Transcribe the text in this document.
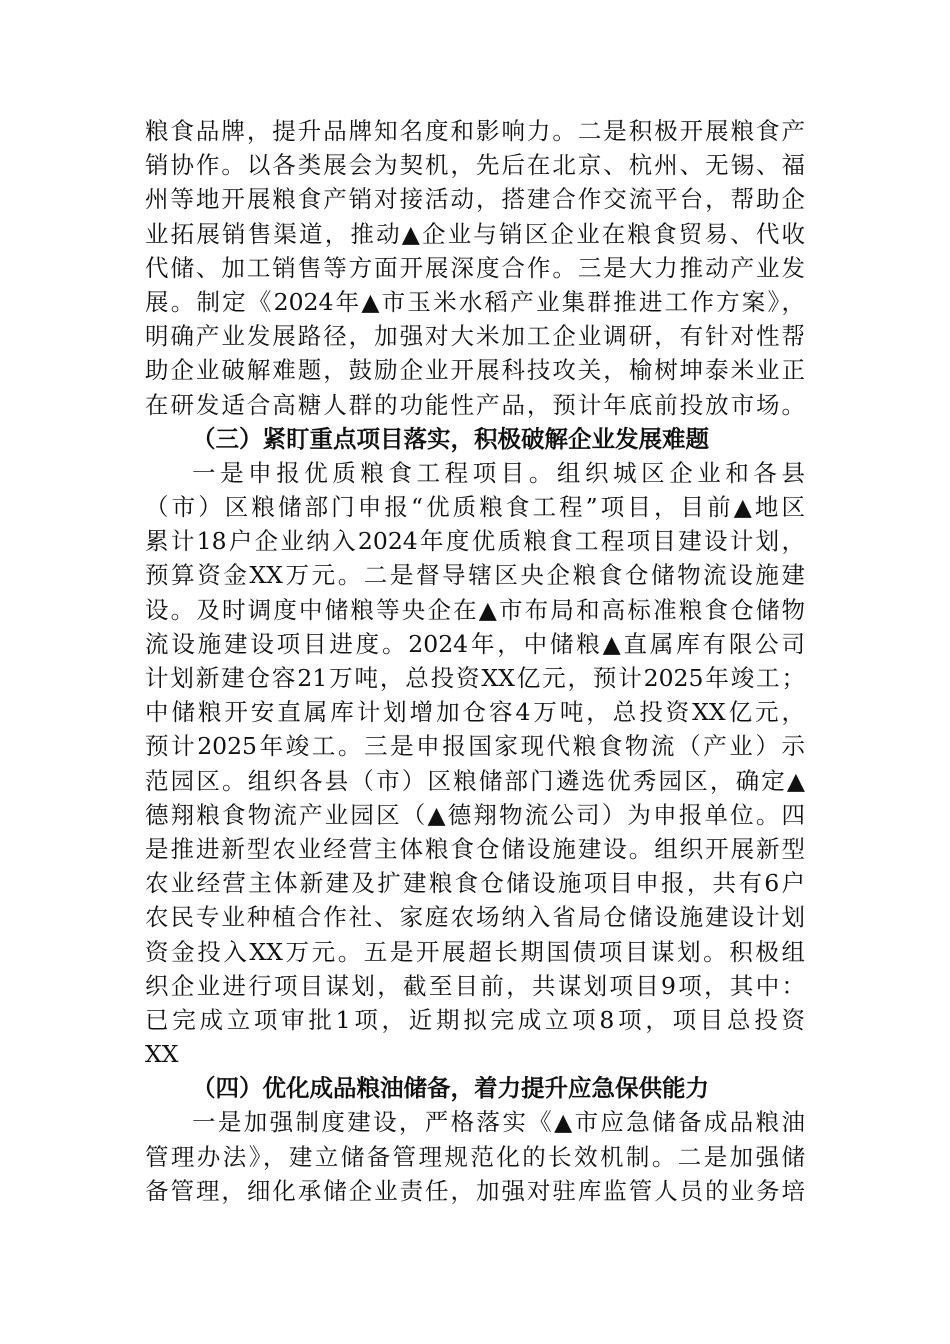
粮食品牌，提升品牌知名度和影响力。二是积极开展粮食产
销协作。以各类展会为契机，先后在北京、杭州、无锡、福
州等地开展粮食产销对接活动，搭建合作交流平台，帮助企
业拓展销售渠道，推动▲企业与销区企业在粮食贸易、代收
代储、加工销售等方面开展深度合作。三是大力推动产业发
展。制定《2024年▲市玉米水稻产业集群推进工作方案》，
明确产业发展路径，加强对大米加工企业调研，有针对性帮
助企业破解难题，鼓励企业开展科技攻关，榆树坤泰米业正
在研发适合高糖人群的功能性产品，预计年底前投放市场。
（三）紧盯重点项目落实，积极破解企业发展难题
一是申报优质粮食工程项目。组织城区企业和各县
（市）区粮储部门申报“优质粮食工程”项目，目前▲地区
累计18户企业纳入2024年度优质粮食工程项目建设计划，
预算资金XX万元。二是督导辖区央企粮食仓储物流设施建
设。及时调度中储粮等央企在▲市布局和高标准粮食仓储物
流设施建设项目进度。2024年，中储粮▲直属库有限公司
计划新建仓容21万吨，总投资XX亿元，预计2025年竣工；
中储粮开安直属库计划增加仓容4万吨，总投资XX亿元，
预计2025年竣工。三是申报国家现代粮食物流（产业）示
范园区。组织各县（市）区粮储部门遴选优秀园区，确定▲
德翔粮食物流产业园区（▲德翔物流公司）为申报单位。四
是推进新型农业经营主体粮食仓储设施建设。组织开展新型
农业经营主体新建及扩建粮食仓储设施项目申报，共有6户
农民专业种植合作社、家庭农场纳入省局仓储设施建设计划
资金投入XX万元。五是开展超长期国债项目谋划。积极组
织企业进行项目谋划，截至目前，共谋划项目9项，其中：
已完成立项审批1项，近期拟完成立项8项，项目总投资
XX
（四）优化成品粮油储备，着力提升应急保供能力
一是加强制度建设，严格落实《▲市应急储备成品粮油
管理办法》，建立储备管理规范化的长效机制。二是加强储
备管理，细化承储企业责任，加强对驻库监管人员的业务培
